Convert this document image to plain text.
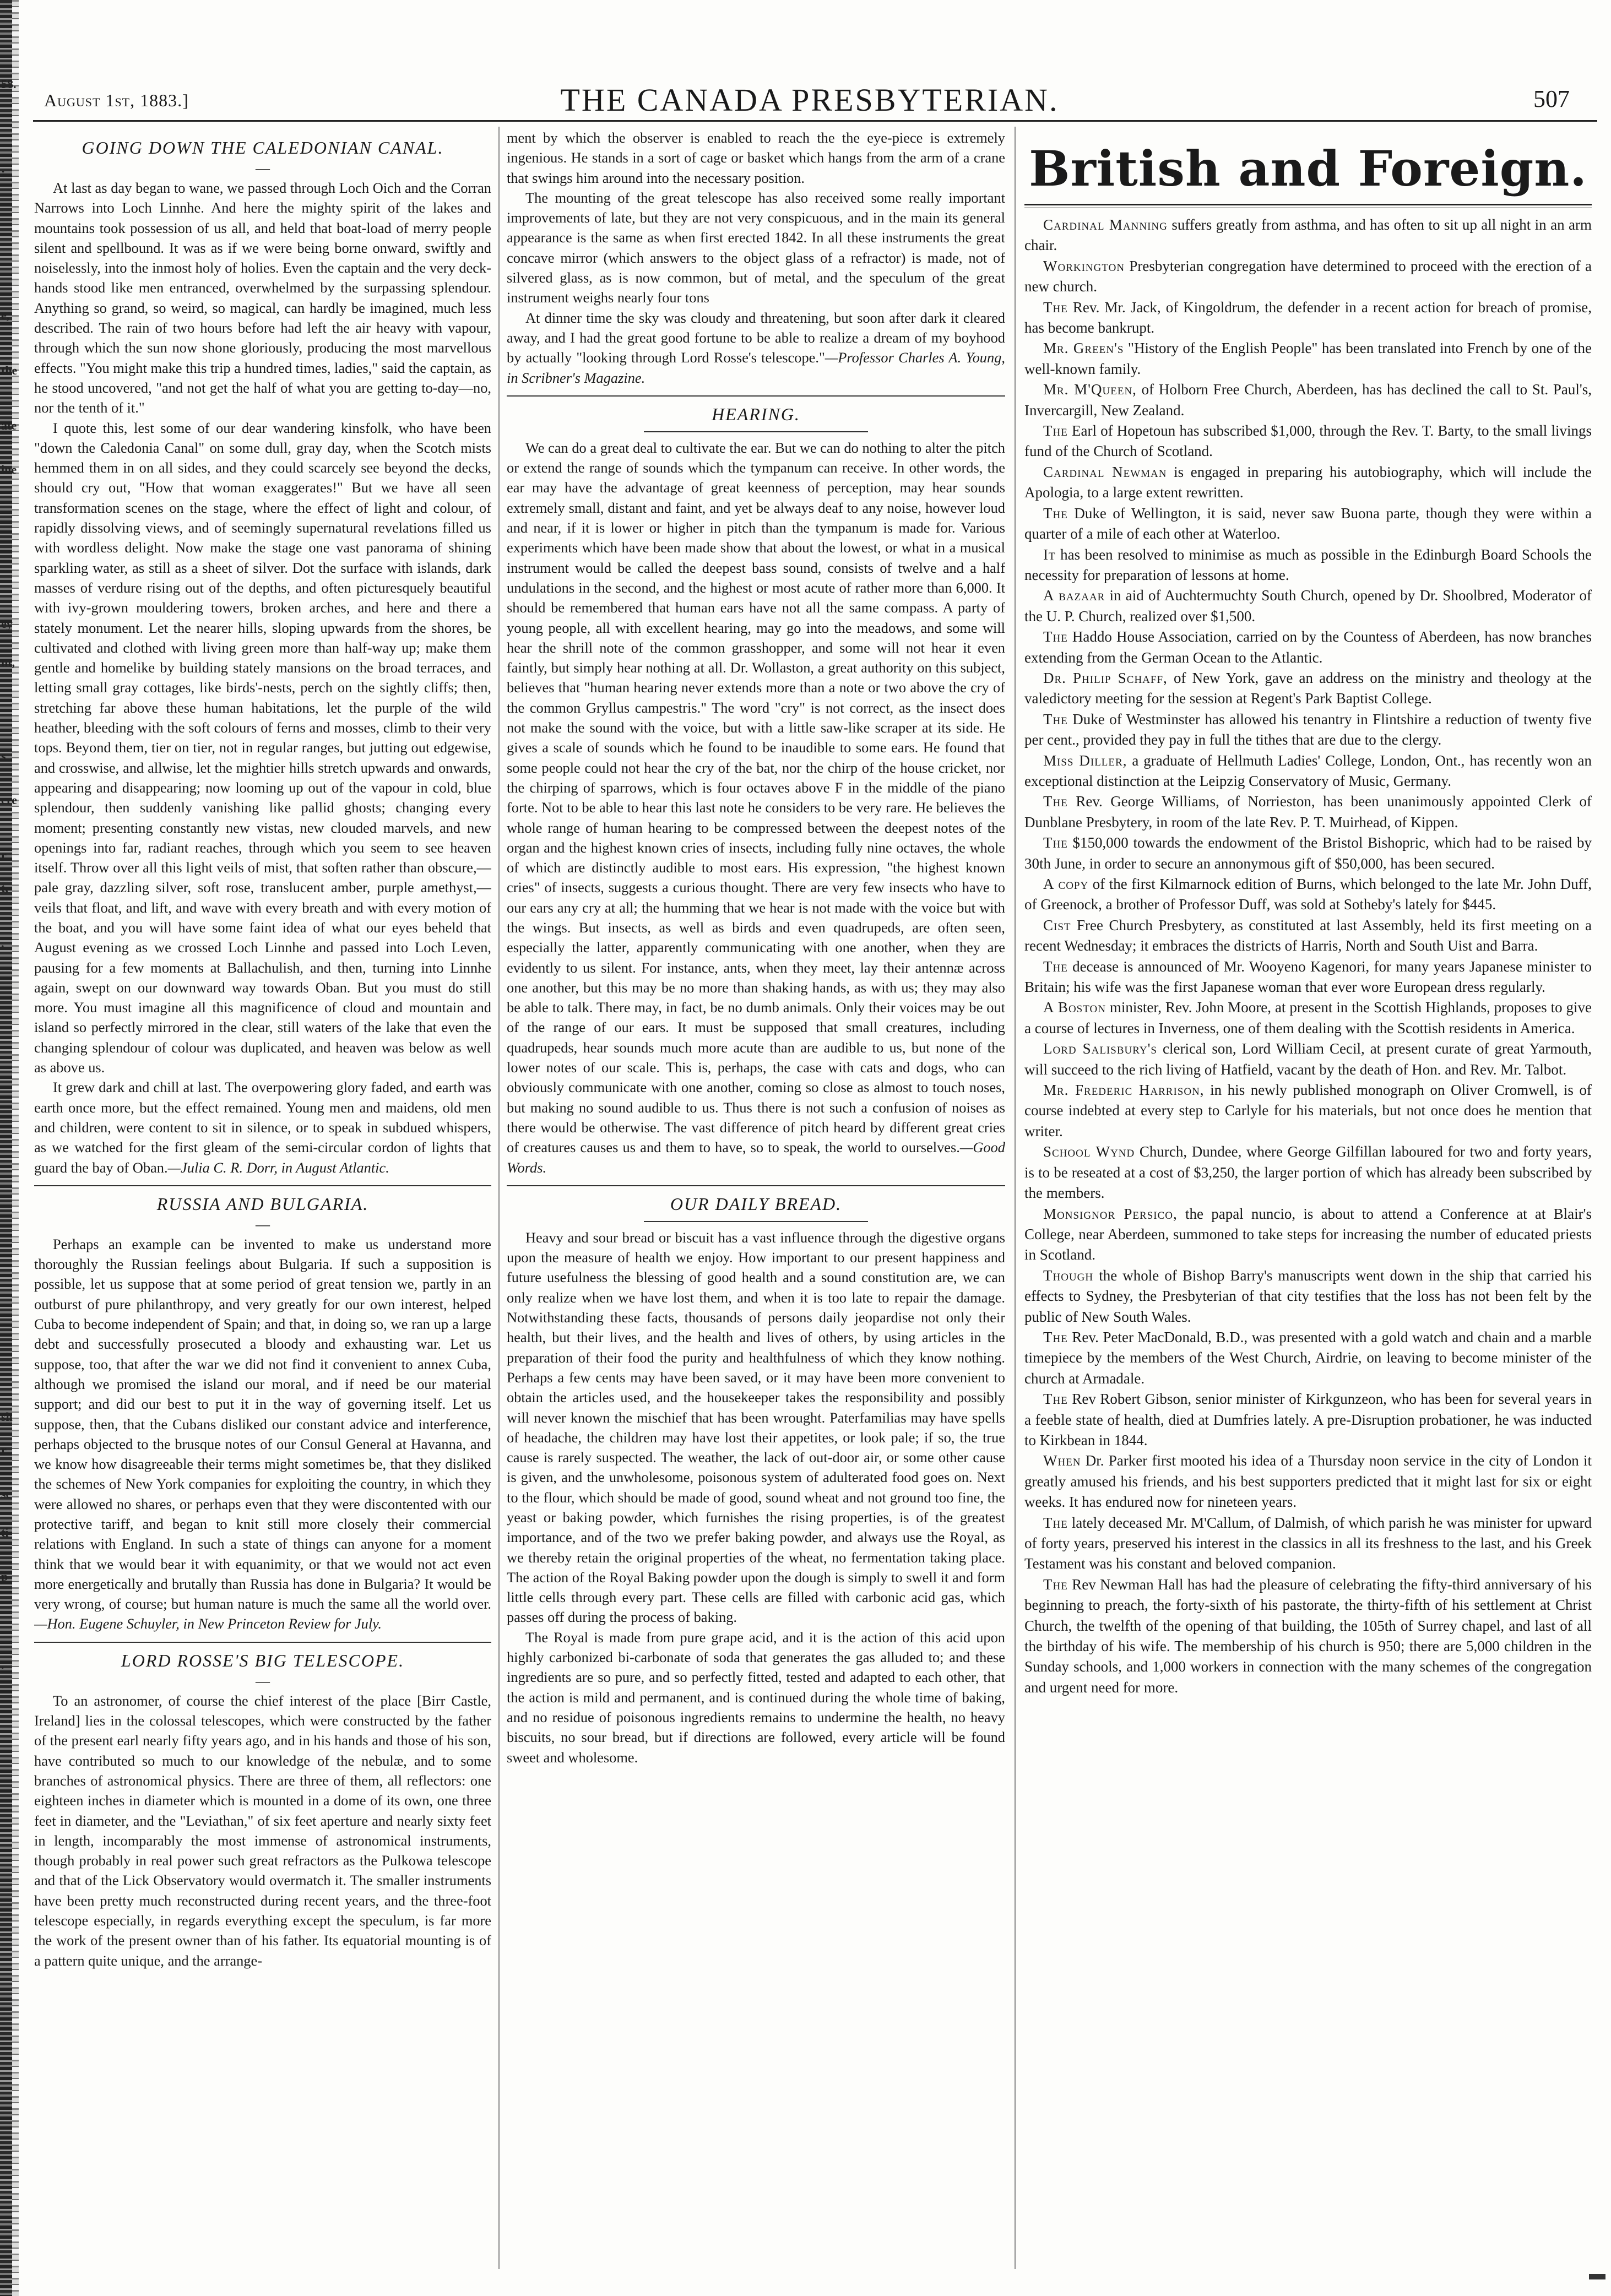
58.
:
e,
the
ate
ine
ey
nt,
s
ere
r
t,
.
sh
r
se
ti
p
.
August 1st, 1883.]	THE CANADA PRESBYTERIAN.	507
GOING DOWN THE CALEDONIAN CANAL.
—

At last as day began to wane, we passed through Loch Oich and the Corran Narrows into Loch Linnhe. And here the mighty spirit of the lakes and mountains took possession of us all, and held that boat-load of merry people silent and spellbound. It was as if we were being borne onward, swiftly and noiselessly, into the inmost holy of holies. Even the captain and the very deck-hands stood like men entranced, overwhelmed by the surpassing splendour. Anything so grand, so weird, so magical, can hardly be imagined, much less described. The rain of two hours before had left the air heavy with vapour, through which the sun now shone gloriously, producing the most marvellous effects. "You might make this trip a hundred times, ladies," said the captain, as he stood uncovered, "and not get the half of what you are getting to-day—no, nor the tenth of it."

I quote this, lest some of our dear wandering kinsfolk, who have been "down the Caledonia Canal" on some dull, gray day, when the Scotch mists hemmed them in on all sides, and they could scarcely see beyond the decks, should cry out, "How that woman exaggerates!" But we have all seen transformation scenes on the stage, where the effect of light and colour, of rapidly dissolving views, and of seemingly supernatural revelations filled us with wordless delight. Now make the stage one vast panorama of shining sparkling water, as still as a sheet of silver. Dot the surface with islands, dark masses of verdure rising out of the depths, and often picturesquely beautiful with ivy-grown mouldering towers, broken arches, and here and there a stately monument. Let the nearer hills, sloping upwards from the shores, be cultivated and clothed with living green more than half-way up; make them gentle and homelike by building stately mansions on the broad terraces, and letting small gray cottages, like birds'-nests, perch on the sightly cliffs; then, stretching far above these human habitations, let the purple of the wild heather, bleeding with the soft colours of ferns and mosses, climb to their very tops. Beyond them, tier on tier, not in regular ranges, but jutting out edgewise, and crosswise, and allwise, let the mightier hills stretch upwards and onwards, appearing and disappearing; now looming up out of the vapour in cold, blue splendour, then suddenly vanishing like pallid ghosts; changing every moment; presenting constantly new vistas, new clouded marvels, and new openings into far, radiant reaches, through which you seem to see heaven itself. Throw over all this light veils of mist, that soften rather than obscure,—pale gray, dazzling silver, soft rose, translucent amber, purple amethyst,—veils that float, and lift, and wave with every breath and with every motion of the boat, and you will have some faint idea of what our eyes beheld that August evening as we crossed Loch Linnhe and passed into Loch Leven, pausing for a few moments at Ballachulish, and then, turning into Linnhe again, swept on our downward way towards Oban. But you must do still more. You must imagine all this magnificence of cloud and mountain and island so perfectly mirrored in the clear, still waters of the lake that even the changing splendour of colour was duplicated, and heaven was below as well as above us.

It grew dark and chill at last. The overpowering glory faded, and earth was earth once more, but the effect remained. Young men and maidens, old men and children, were content to sit in silence, or to speak in subdued whispers, as we watched for the first gleam of the semi-circular cordon of lights that guard the bay of Oban.—Julia C. R. Dorr, in August Atlantic.

RUSSIA AND BULGARIA.
—

Perhaps an example can be invented to make us understand more thoroughly the Russian feelings about Bulgaria. If such a supposition is possible, let us suppose that at some period of great tension we, partly in an outburst of pure philanthropy, and very greatly for our own interest, helped Cuba to become independent of Spain; and that, in doing so, we ran up a large debt and successfully prosecuted a bloody and exhausting war. Let us suppose, too, that after the war we did not find it convenient to annex Cuba, although we promised the island our moral, and if need be our material support; and did our best to put it in the way of governing itself. Let us suppose, then, that the Cubans disliked our constant advice and interference, perhaps objected to the brusque notes of our Consul General at Havanna, and we know how disagreeable their terms might sometimes be, that they disliked the schemes of New York companies for exploiting the country, in which they were allowed no shares, or perhaps even that they were discontented with our protective tariff, and began to knit still more closely their commercial relations with England. In such a state of things can anyone for a moment think that we would bear it with equanimity, or that we would not act even more energetically and brutally than Russia has done in Bulgaria? It would be very wrong, of course; but human nature is much the same all the world over.—Hon. Eugene Schuyler, in New Princeton Review for July.

LORD ROSSE'S BIG TELESCOPE.
—

To an astronomer, of course the chief interest of the place [Birr Castle, Ireland] lies in the colossal telescopes, which were constructed by the father of the present earl nearly fifty years ago, and in his hands and those of his son, have contributed so much to our knowledge of the nebulæ, and to some branches of astronomical physics. There are three of them, all reflectors: one eighteen inches in diameter which is mounted in a dome of its own, one three feet in diameter, and the "Leviathan," of six feet aperture and nearly sixty feet in length, incomparably the most immense of astronomical instruments, though probably in real power such great refractors as the Pulkowa telescope and that of the Lick Observatory would overmatch it. The smaller instruments have been pretty much reconstructed during recent years, and the three-foot telescope especially, in regards everything except the speculum, is far more the work of the present owner than of his father. Its equatorial mounting is of a pattern quite unique, and the arrange-

ment by which the observer is enabled to reach the the eye-piece is extremely ingenious. He stands in a sort of cage or basket which hangs from the arm of a crane that swings him around into the necessary position.

The mounting of the great telescope has also received some really important improvements of late, but they are not very conspicuous, and in the main its general appearance is the same as when first erected 1842. In all these instruments the great concave mirror (which answers to the object glass of a refractor) is made, not of silvered glass, as is now common, but of metal, and the speculum of the great instrument weighs nearly four tons

At dinner time the sky was cloudy and threatening, but soon after dark it cleared away, and I had the great good fortune to be able to realize a dream of my boyhood by actually "looking through Lord Rosse's telescope."—Professor Charles A. Young, in Scribner's Magazine.

HEARING.

We can do a great deal to cultivate the ear. But we can do nothing to alter the pitch or extend the range of sounds which the tympanum can receive. In other words, the ear may have the advantage of great keenness of perception, may hear sounds extremely small, distant and faint, and yet be always deaf to any noise, however loud and near, if it is lower or higher in pitch than the tympanum is made for. Various experiments which have been made show that about the lowest, or what in a musical instrument would be called the deepest bass sound, consists of twelve and a half undulations in the second, and the highest or most acute of rather more than 6,000. It should be remembered that human ears have not all the same compass. A party of young people, all with excellent hearing, may go into the meadows, and some will hear the shrill note of the common grasshopper, and some will not hear it even faintly, but simply hear nothing at all. Dr. Wollaston, a great authority on this subject, believes that "human hearing never extends more than a note or two above the cry of the common Gryllus campestris." The word "cry" is not correct, as the insect does not make the sound with the voice, but with a little saw-like scraper at its side. He gives a scale of sounds which he found to be inaudible to some ears. He found that some people could not hear the cry of the bat, nor the chirp of the house cricket, nor the chirping of sparrows, which is four octaves above F in the middle of the piano forte. Not to be able to hear this last note he considers to be very rare. He believes the whole range of human hearing to be compressed between the deepest notes of the organ and the highest known cries of insects, including fully nine octaves, the whole of which are distinctly audible to most ears. His expression, "the highest known cries" of insects, suggests a curious thought. There are very few insects who have to our ears any cry at all; the humming that we hear is not made with the voice but with the wings. But insects, as well as birds and even quadrupeds, are often seen, especially the latter, apparently communicating with one another, when they are evidently to us silent. For instance, ants, when they meet, lay their antennæ across one another, but this may be no more than shaking hands, as with us; they may also be able to talk. There may, in fact, be no dumb animals. Only their voices may be out of the range of our ears. It must be supposed that small creatures, including quadrupeds, hear sounds much more acute than are audible to us, but none of the lower notes of our scale. This is, perhaps, the case with cats and dogs, who can obviously communicate with one another, coming so close as almost to touch noses, but making no sound audible to us. Thus there is not such a confusion of noises as there would be otherwise. The vast difference of pitch heard by different great cries of creatures causes us and them to have, so to speak, the world to ourselves.—Good Words.

OUR DAILY BREAD.

Heavy and sour bread or biscuit has a vast influence through the digestive organs upon the measure of health we enjoy. How important to our present happiness and future usefulness the blessing of good health and a sound constitution are, we can only realize when we have lost them, and when it is too late to repair the damage. Notwithstanding these facts, thousands of persons daily jeopardise not only their health, but their lives, and the health and lives of others, by using articles in the preparation of their food the purity and healthfulness of which they know nothing. Perhaps a few cents may have been saved, or it may have been more convenient to obtain the articles used, and the housekeeper takes the responsibility and possibly will never known the mischief that has been wrought. Paterfamilias may have spells of headache, the children may have lost their appetites, or look pale; if so, the true cause is rarely suspected. The weather, the lack of out-door air, or some other cause is given, and the unwholesome, poisonous system of adulterated food goes on. Next to the flour, which should be made of good, sound wheat and not ground too fine, the yeast or baking powder, which furnishes the rising properties, is of the greatest importance, and of the two we prefer baking powder, and always use the Royal, as we thereby retain the original properties of the wheat, no fermentation taking place. The action of the Royal Baking powder upon the dough is simply to swell it and form little cells through every part. These cells are filled with carbonic acid gas, which passes off during the process of baking.

The Royal is made from pure grape acid, and it is the action of this acid upon highly carbonized bi-carbonate of soda that generates the gas alluded to; and these ingredients are so pure, and so perfectly fitted, tested and adapted to each other, that the action is mild and permanent, and is continued during the whole time of baking, and no residue of poisonous ingredients remains to undermine the health, no heavy biscuits, no sour bread, but if directions are followed, every article will be found sweet and wholesome.

British and Foreign.

Cardinal Manning suffers greatly from asthma, and has often to sit up all night in an arm chair.

Workington Presbyterian congregation have determined to proceed with the erection of a new church.

The Rev. Mr. Jack, of Kingoldrum, the defender in a recent action for breach of promise, has become bankrupt.

Mr. Green's "History of the English People" has been translated into French by one of the well-known family.

Mr. M'Queen, of Holborn Free Church, Aberdeen, has has declined the call to St. Paul's, Invercargill, New Zealand.

The Earl of Hopetoun has subscribed $1,000, through the Rev. T. Barty, to the small livings fund of the Church of Scotland.

Cardinal Newman is engaged in preparing his autobiography, which will include the Apologia, to a large extent rewritten.

The Duke of Wellington, it is said, never saw Buona parte, though they were within a quarter of a mile of each other at Waterloo.

It has been resolved to minimise as much as possible in the Edinburgh Board Schools the necessity for preparation of lessons at home.

A bazaar in aid of Auchtermuchty South Church, opened by Dr. Shoolbred, Moderator of the U. P. Church, realized over $1,500.

The Haddo House Association, carried on by the Countess of Aberdeen, has now branches extending from the German Ocean to the Atlantic.

Dr. Philip Schaff, of New York, gave an address on the ministry and theology at the valedictory meeting for the session at Regent's Park Baptist College.

The Duke of Westminster has allowed his tenantry in Flintshire a reduction of twenty five per cent., provided they pay in full the tithes that are due to the clergy.

Miss Diller, a graduate of Hellmuth Ladies' College, London, Ont., has recently won an exceptional distinction at the Leipzig Conservatory of Music, Germany.

The Rev. George Williams, of Norrieston, has been unanimously appointed Clerk of Dunblane Presbytery, in room of the late Rev. P. T. Muirhead, of Kippen.

The $150,000 towards the endowment of the Bristol Bishopric, which had to be raised by 30th June, in order to secure an annonymous gift of $50,000, has been secured.

A copy of the first Kilmarnock edition of Burns, which belonged to the late Mr. John Duff, of Greenock, a brother of Professor Duff, was sold at Sotheby's lately for $445.

Cist Free Church Presbytery, as constituted at last Assembly, held its first meeting on a recent Wednesday; it embraces the districts of Harris, North and South Uist and Barra.

The decease is announced of Mr. Wooyeno Kagenori, for many years Japanese minister to Britain; his wife was the first Japanese woman that ever wore European dress regularly.

A Boston minister, Rev. John Moore, at present in the Scottish Highlands, proposes to give a course of lectures in Inverness, one of them dealing with the Scottish residents in America.

Lord Salisbury's clerical son, Lord William Cecil, at present curate of great Yarmouth, will succeed to the rich living of Hatfield, vacant by the death of Hon. and Rev. Mr. Talbot.

Mr. Frederic Harrison, in his newly published monograph on Oliver Cromwell, is of course indebted at every step to Carlyle for his materials, but not once does he mention that writer.

School Wynd Church, Dundee, where George Gilfillan laboured for two and forty years, is to be reseated at a cost of $3,250, the larger portion of which has already been subscribed by the members.

Monsignor Persico, the papal nuncio, is about to attend a Conference at at Blair's College, near Aberdeen, summoned to take steps for increasing the number of educated priests in Scotland.

Though the whole of Bishop Barry's manuscripts went down in the ship that carried his effects to Sydney, the Presbyterian of that city testifies that the loss has not been felt by the public of New South Wales.

The Rev. Peter MacDonald, B.D., was presented with a gold watch and chain and a marble timepiece by the members of the West Church, Airdrie, on leaving to become minister of the church at Armadale.

The Rev Robert Gibson, senior minister of Kirkgunzeon, who has been for several years in a feeble state of health, died at Dumfries lately. A pre-Disruption probationer, he was inducted to Kirkbean in 1844.

When Dr. Parker first mooted his idea of a Thursday noon service in the city of London it greatly amused his friends, and his best supporters predicted that it might last for six or eight weeks. It has endured now for nineteen years.

The lately deceased Mr. M'Callum, of Dalmish, of which parish he was minister for upward of forty years, preserved his interest in the classics in all its freshness to the last, and his Greek Testament was his constant and beloved companion.

The Rev Newman Hall has had the pleasure of celebrating the fifty-third anniversary of his beginning to preach, the forty-sixth of his pastorate, the thirty-fifth of his settlement at Christ Church, the twelfth of the opening of that building, the 105th of Surrey chapel, and last of all the birthday of his wife. The membership of his church is 950; there are 5,000 children in the Sunday schools, and 1,000 workers in connection with the many schemes of the congregation and urgent need for more.
